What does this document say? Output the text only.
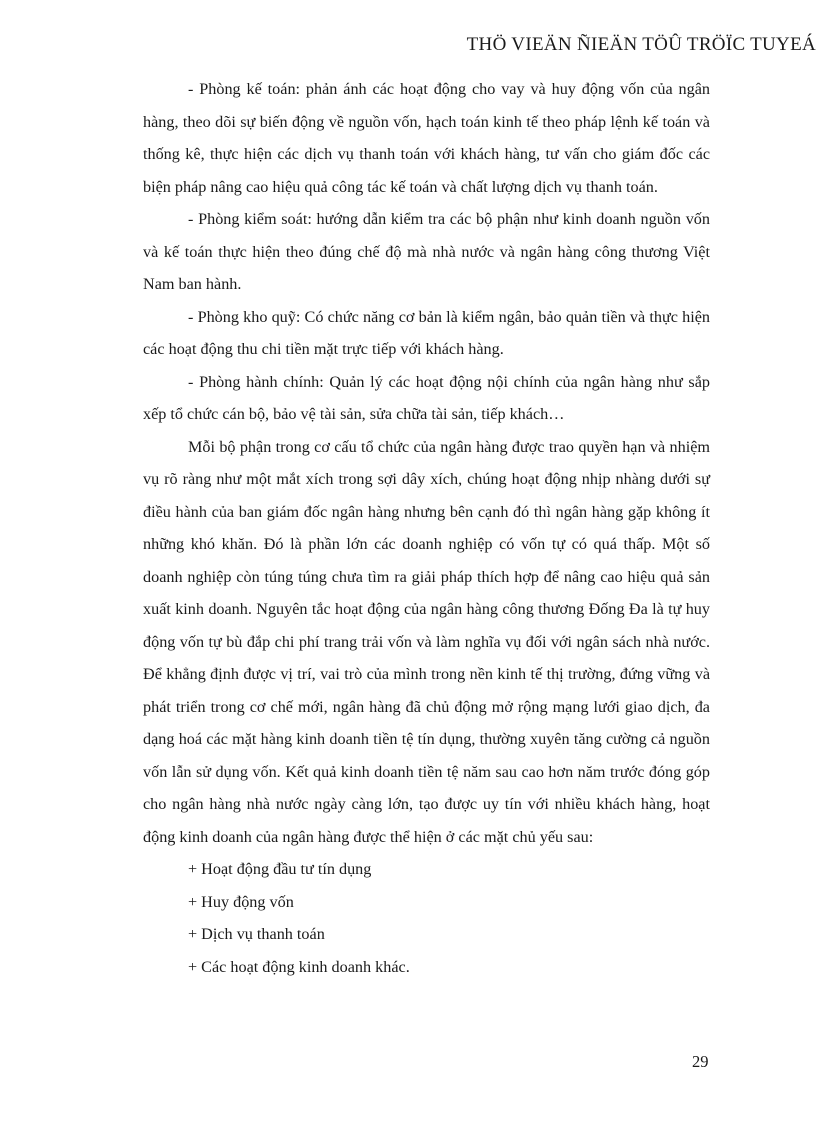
THÖ VIEÄN ÑIEÄN TÖÛ TRÖÏC TUYEÁ

- Phòng kế toán: phản ánh các hoạt động cho vay và huy động vốn của ngân hàng, theo dõi sự biến động về nguồn vốn, hạch toán kinh tế theo pháp lệnh kế toán và thống kê, thực hiện các dịch vụ thanh toán với khách hàng, tư vấn cho giám đốc các biện pháp nâng cao hiệu quả công tác kế toán và chất lượng dịch vụ thanh toán.

- Phòng kiểm soát: hướng dẫn kiểm tra các bộ phận như kinh doanh nguồn vốn và kế toán thực hiện theo đúng chế độ mà nhà nước và ngân hàng công thương Việt Nam ban hành.

- Phòng kho quỹ: Có chức năng cơ bản là kiểm ngân, bảo quản tiền và thực hiện các hoạt động thu chi tiền mặt trực tiếp với khách hàng.

- Phòng hành chính: Quản lý các hoạt động nội chính của ngân hàng như sắp xếp tổ chức cán bộ, bảo vệ tài sản, sửa chữa tài sản, tiếp khách…

Mỗi bộ phận trong cơ cấu tổ chức của ngân hàng được trao quyền hạn và nhiệm vụ rõ ràng như một mắt xích trong sợi dây xích, chúng hoạt động nhịp nhàng dưới sự điều hành của ban giám đốc ngân hàng nhưng bên cạnh đó thì ngân hàng gặp không ít những khó khăn. Đó là phần lớn các doanh nghiệp có vốn tự có quá thấp. Một số doanh nghiệp còn túng túng chưa tìm ra giải pháp thích hợp để nâng cao hiệu quả sản xuất kinh doanh. Nguyên tắc hoạt động của ngân hàng công thương Đống Đa là tự huy động vốn tự bù đắp chi phí trang trải vốn và làm nghĩa vụ đối với ngân sách nhà nước. Để khẳng định được vị trí, vai trò của mình trong nền kinh tế thị trường, đứng vững và phát triển trong cơ chế mới, ngân hàng đã chủ động mở rộng mạng lưới giao dịch, đa dạng hoá các mặt hàng kinh doanh tiền tệ tín dụng, thường xuyên tăng cường cả nguồn vốn lẫn sử dụng vốn. Kết quả kinh doanh tiền tệ năm sau cao hơn năm trước đóng góp cho ngân hàng nhà nước ngày càng lớn, tạo được uy tín với nhiều khách hàng, hoạt động kinh doanh của ngân hàng được thể hiện ở các mặt chủ yếu sau:

+ Hoạt động đầu tư tín dụng
+ Huy động vốn
+ Dịch vụ thanh toán
+ Các hoạt động kinh doanh khác.
29
